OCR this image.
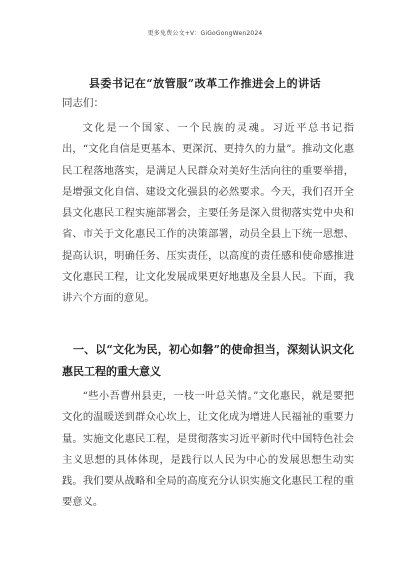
更多免费公文+V：GiGoGongWen2024
县委书记在“放管服”改革工作推进会上的讲话
同志们：

文化是一个国家、一个民族的灵魂。习近平总书记指出，“文化自信是更基本、更深沉、更持久的力量”。推动文化惠民工程落地落实，是满足人民群众对美好生活向往的重要举措，是增强文化自信、建设文化强县的必然要求。今天，我们召开全县文化惠民工程实施部署会，主要任务是深入贯彻落实党中央和省、市关于文化惠民工作的决策部署，动员全县上下统一思想、提高认识，明确任务、压实责任，以高度的责任感和使命感推进文化惠民工程，让文化发展成果更好地惠及全县人民。下面，我讲六个方面的意见。

一、以“文化为民，初心如磐”的使命担当，深刻认识文化惠民工程的重大意义

“些小吾曹州县吏，一枝一叶总关情。”文化惠民，就是要把文化的温暖送到群众心坎上，让文化成为增进人民福祉的重要力量。实施文化惠民工程，是贯彻落实习近平新时代中国特色社会主义思想的具体体现，是践行以人民为中心的发展思想生动实践。我们要从战略和全局的高度充分认识实施文化惠民工程的重要意义。
